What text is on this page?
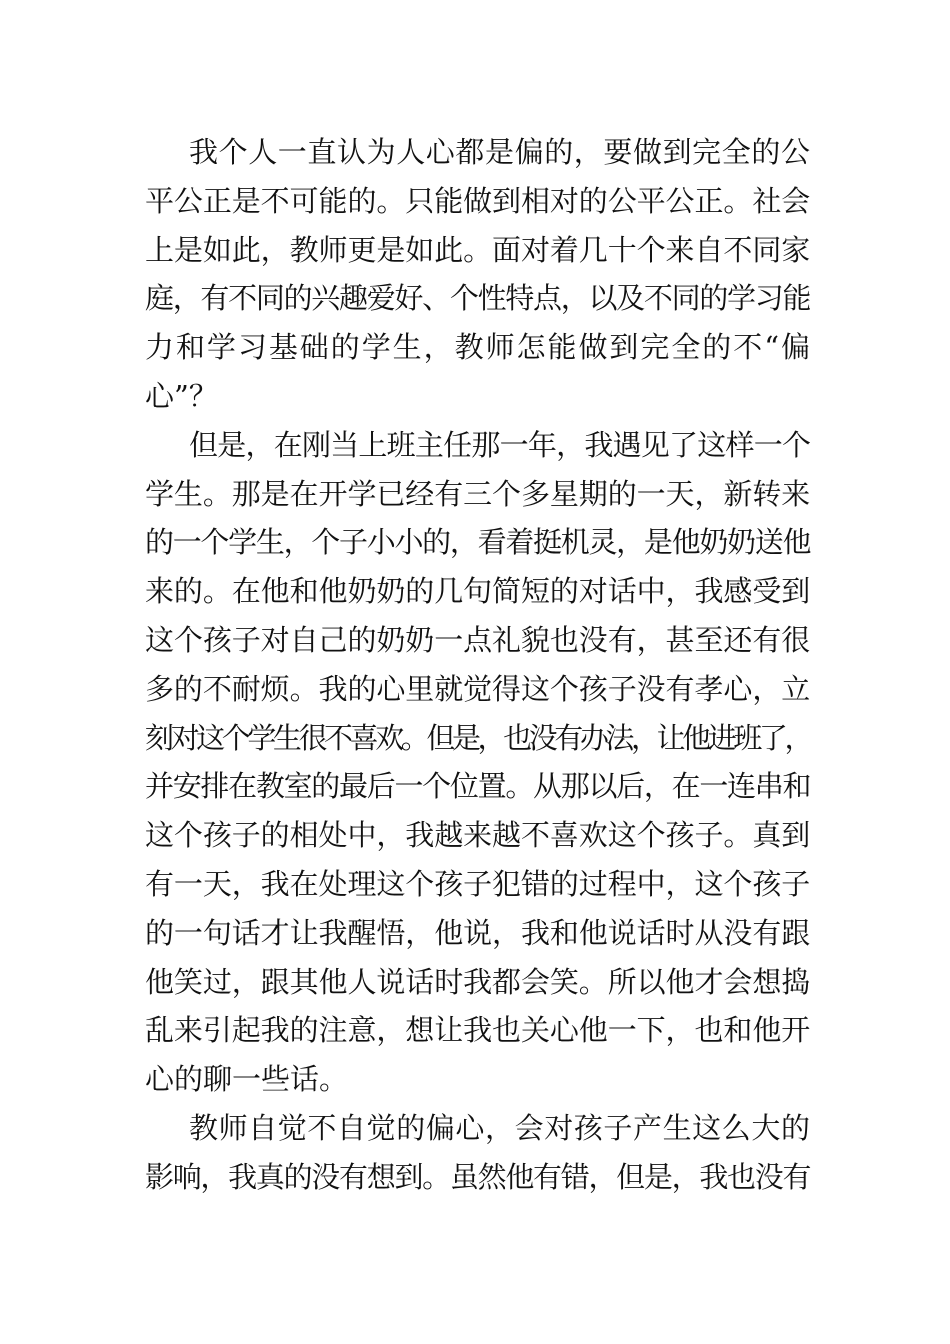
我个人一直认为人心都是偏的，要做到完全的公
平公正是不可能的。只能做到相对的公平公正。社会
上是如此，教师更是如此。面对着几十个来自不同家
庭，有不同的兴趣爱好、个性特点，以及不同的学习能
力和学习基础的学生，教师怎能做到完全的不“偏
心”？
但是，在刚当上班主任那一年，我遇见了这样一个
学生。那是在开学已经有三个多星期的一天，新转来
的一个学生，个子小小的，看着挺机灵，是他奶奶送他
来的。在他和他奶奶的几句简短的对话中，我感受到
这个孩子对自己的奶奶一点礼貌也没有，甚至还有很
多的不耐烦。我的心里就觉得这个孩子没有孝心，立
刻对这个学生很不喜欢。但是，也没有办法，让他进班了，
并安排在教室的最后一个位置。从那以后，在一连串和
这个孩子的相处中，我越来越不喜欢这个孩子。真到
有一天，我在处理这个孩子犯错的过程中，这个孩子
的一句话才让我醒悟，他说，我和他说话时从没有跟
他笑过，跟其他人说话时我都会笑。所以他才会想捣
乱来引起我的注意，想让我也关心他一下，也和他开
心的聊一些话。
教师自觉不自觉的偏心，会对孩子产生这么大的
影响，我真的没有想到。虽然他有错，但是，我也没有
